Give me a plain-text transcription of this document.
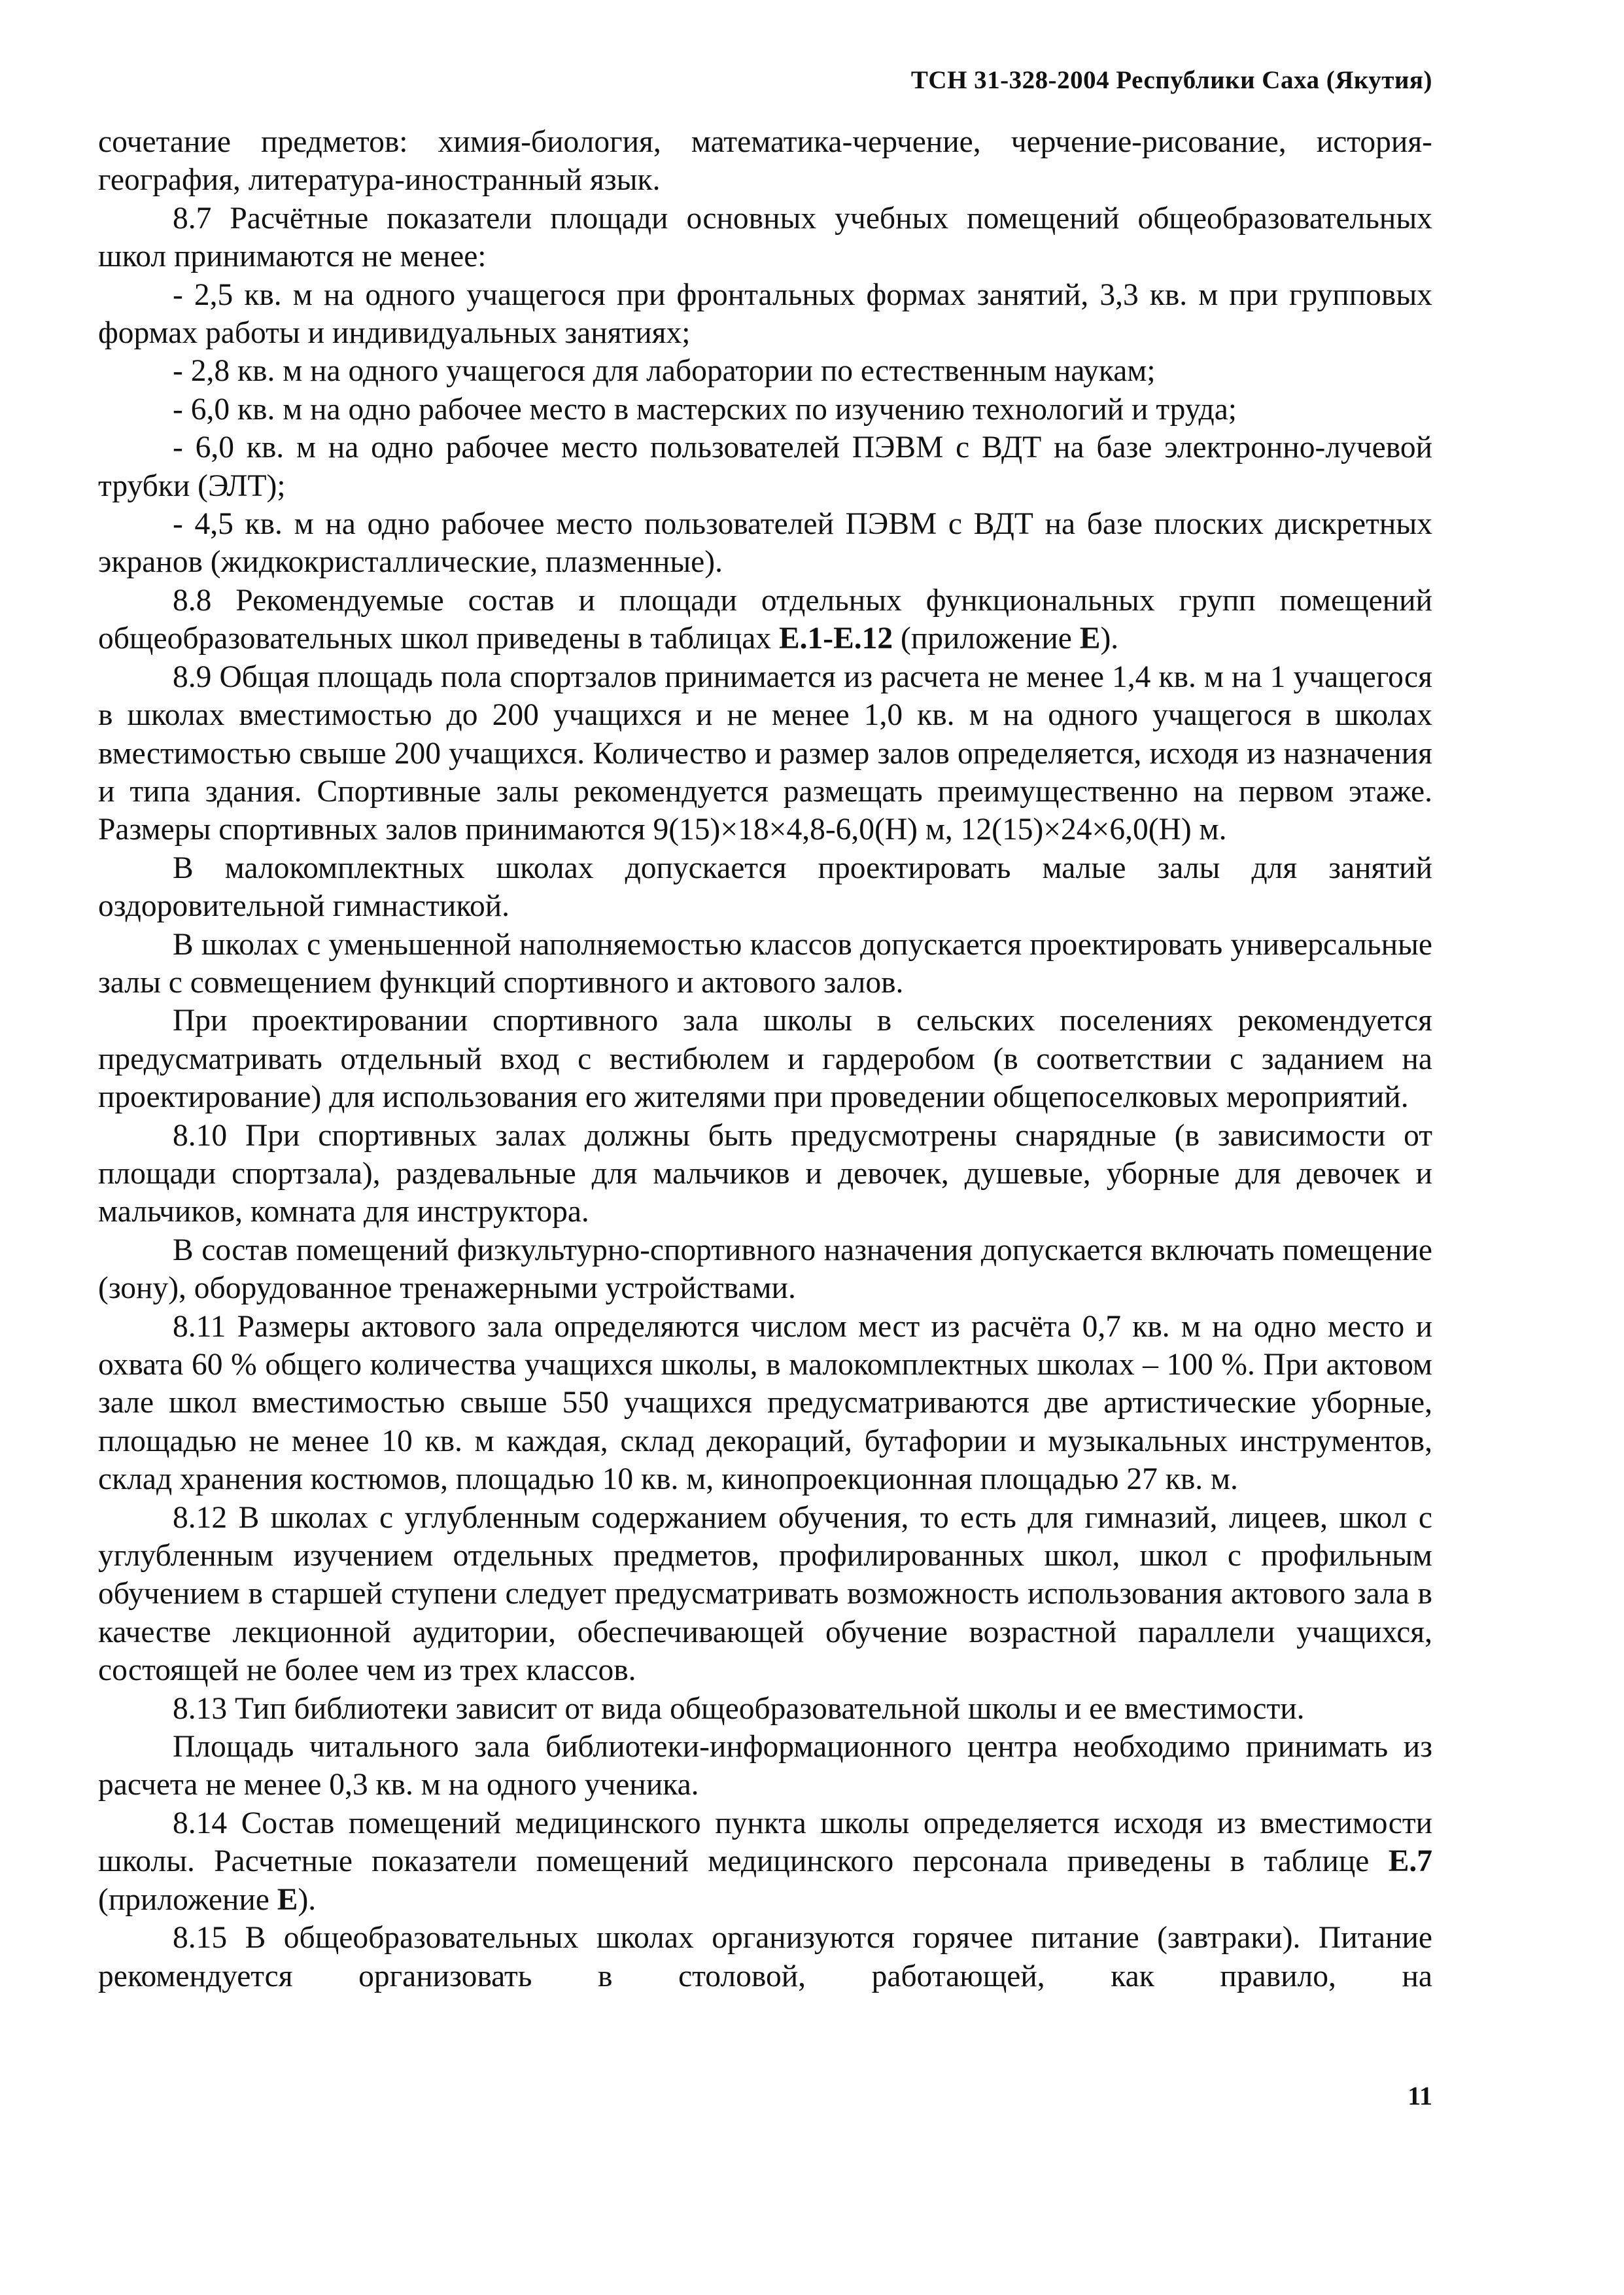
ТСН 31-328-2004 Республики Саха (Якутия)

сочетание предметов: химия-биология, математика-черчение, черчение-рисование, история-география, литература-иностранный язык.

8.7 Расчётные показатели площади основных учебных помещений общеобразовательных школ принимаются не менее:

- 2,5 кв. м на одного учащегося при фронтальных формах занятий, 3,3 кв. м при групповых формах работы и индивидуальных занятиях;

- 2,8 кв. м на одного учащегося для лаборатории по естественным наукам;

- 6,0 кв. м на одно рабочее место в мастерских по изучению технологий и труда;

- 6,0 кв. м на одно рабочее место пользователей ПЭВМ с ВДТ на базе электронно-лучевой трубки (ЭЛТ);

- 4,5 кв. м на одно рабочее место пользователей ПЭВМ с ВДТ на базе плоских дискретных экранов (жидкокристаллические, плазменные).

8.8 Рекомендуемые состав и площади отдельных функциональных групп помещений общеобразовательных школ приведены в таблицах Е.1-Е.12 (приложение Е).

8.9 Общая площадь пола спортзалов принимается из расчета не менее 1,4 кв. м на 1 учащегося в школах вместимостью до 200 учащихся и не менее 1,0 кв. м на одного учащегося в школах вместимостью свыше 200 учащихся. Количество и размер залов определяется, исходя из назначения и типа здания. Спортивные залы рекомендуется размещать преимущественно на первом этаже. Размеры спортивных залов принимаются 9(15)×18×4,8-6,0(Н) м, 12(15)×24×6,0(Н) м.

В малокомплектных школах допускается проектировать малые залы для занятий оздоровительной гимнастикой.

В школах с уменьшенной наполняемостью классов допускается проектировать универсальные залы с совмещением функций спортивного и актового залов.

При проектировании спортивного зала школы в сельских поселениях рекомендуется предусматривать отдельный вход с вестибюлем и гардеробом (в соответствии с заданием на проектирование) для использования его жителями при проведении общепоселковых мероприятий.

8.10 При спортивных залах должны быть предусмотрены снарядные (в зависимости от площади спортзала), раздевальные для мальчиков и девочек, душевые, уборные для девочек и мальчиков, комната для инструктора.

В состав помещений физкультурно-спортивного назначения допускается включать помещение (зону), оборудованное тренажерными устройствами.

8.11 Размеры актового зала определяются числом мест из расчёта 0,7 кв. м на одно место и охвата 60 % общего количества учащихся школы, в малокомплектных школах – 100 %. При актовом зале школ вместимостью свыше 550 учащихся предусматриваются две артистические уборные, площадью не менее 10 кв. м каждая, склад декораций, бутафории и музыкальных инструментов, склад хранения костюмов, площадью 10 кв. м, кинопроекционная площадью 27 кв. м.

8.12 В школах с углубленным содержанием обучения, то есть для гимназий, лицеев, школ с углубленным изучением отдельных предметов, профилированных школ, школ с профильным обучением в старшей ступени следует предусматривать возможность использования актового зала в качестве лекционной аудитории, обеспечивающей обучение возрастной параллели учащихся, состоящей не более чем из трех классов.

8.13 Тип библиотеки зависит от вида общеобразовательной школы и ее вместимости.

Площадь читального зала библиотеки-информационного центра необходимо принимать из расчета не менее 0,3 кв. м на одного ученика.

8.14 Состав помещений медицинского пункта школы определяется исходя из вместимости школы. Расчетные показатели помещений медицинского персонала приведены в таблице Е.7 (приложение Е).

8.15 В общеобразовательных школах организуются горячее питание (завтраки). Питание рекомендуется организовать в столовой, работающей, как правило, на

11
